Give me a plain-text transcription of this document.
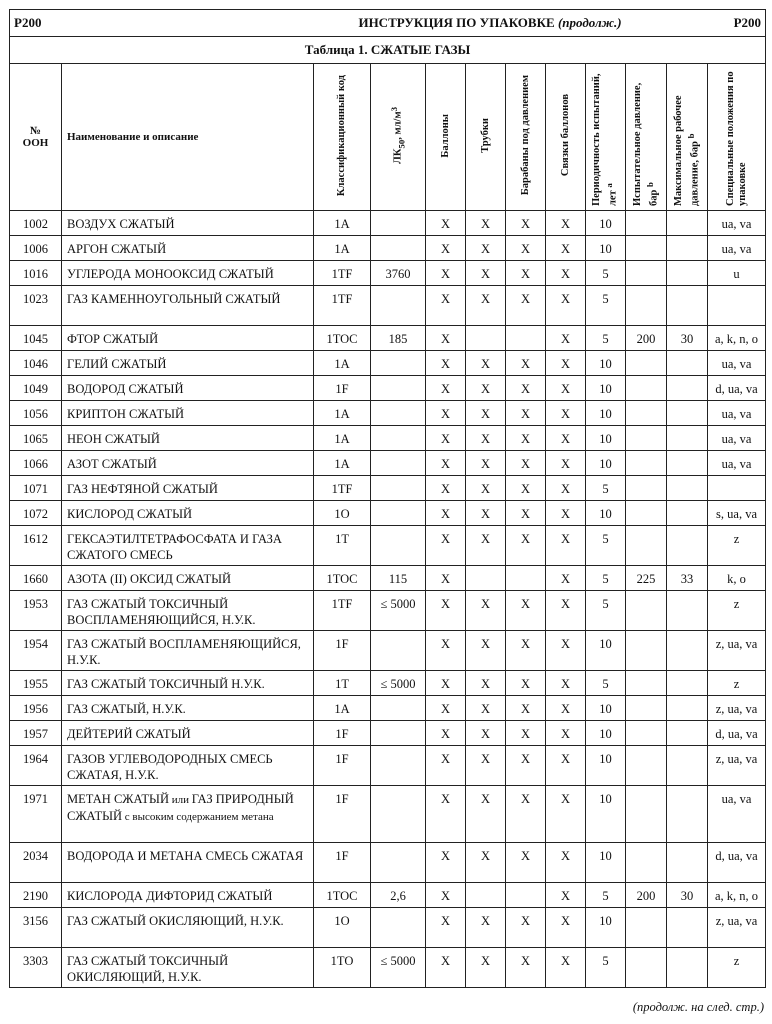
P200		ИНСТРУКЦИЯ ПО УПАКОВКЕ (продолж.)								P200	
Таблица 1. СЖАТЫЕ ГАЗЫ											
№
ООН	Наименование и описание	Классификационный код	$ЛК_{50}$, $мл/м^3$	Баллоны	Трубки	Барабаны под давлением	Связки баллонов	Периодичность испытаний, лет $^a$	Испытательное давление, бар $^b$	Максимальное рабочее давление, бар $^b$	Специальные положения по упаковке
1002	ВОЗДУХ СЖАТЫЙ	1A		X	X	X	X	10			ua, va
1006	АРГОН СЖАТЫЙ	1A		X	X	X	X	10			ua, va
1016	УГЛЕРОДА МОНООКСИД СЖАТЫЙ	1TF	3760	X	X	X	X	5			u
1023	ГАЗ КАМЕННОУГОЛЬНЫЙ СЖАТЫЙ	1TF		X	X	X	X	5			
1045	ФТОР СЖАТЫЙ	1TOC	185	X			X	5	200	30	a, k, n, o
1046	ГЕЛИЙ СЖАТЫЙ	1A		X	X	X	X	10			ua, va
1049	ВОДОРОД СЖАТЫЙ	1F		X	X	X	X	10			d, ua, va
1056	КРИПТОН СЖАТЫЙ	1A		X	X	X	X	10			ua, va
1065	НЕОН СЖАТЫЙ	1A		X	X	X	X	10			ua, va
1066	АЗОТ СЖАТЫЙ	1A		X	X	X	X	10			ua, va
1071	ГАЗ НЕФТЯНОЙ СЖАТЫЙ	1TF		X	X	X	X	5			
1072	КИСЛОРОД СЖАТЫЙ	1O		X	X	X	X	10			s, ua, va
1612	ГЕКСАЭТИЛТЕТРАФОСФАТА И ГАЗА СЖАТОГО СМЕСЬ	1T		X	X	X	X	5			z
1660	АЗОТА (II) ОКСИД СЖАТЫЙ	1TOC	115	X			X	5	225	33	k, o
1953	ГАЗ СЖАТЫЙ ТОКСИЧНЫЙ ВОСПЛАМЕНЯЮЩИЙСЯ, Н.У.К.	1TF	≤ 5000	X	X	X	X	5			z
1954	ГАЗ СЖАТЫЙ ВОСПЛАМЕНЯЮЩИЙСЯ, Н.У.К.	1F		X	X	X	X	10			z, ua, va
1955	ГАЗ СЖАТЫЙ ТОКСИЧНЫЙ Н.У.К.	1T	≤ 5000	X	X	X	X	5			z
1956	ГАЗ СЖАТЫЙ, Н.У.К.	1A		X	X	X	X	10			z, ua, va
1957	ДЕЙТЕРИЙ СЖАТЫЙ	1F		X	X	X	X	10			d, ua, va
1964	ГАЗОВ УГЛЕВОДОРОДНЫХ СМЕСЬ СЖАТАЯ, Н.У.К.	1F		X	X	X	X	10			z, ua, va
1971	МЕТАН СЖАТЫЙ или ГАЗ ПРИРОДНЫЙ СЖАТЫЙ с высоким содержанием метана	1F		X	X	X	X	10			ua, va
2034	ВОДОРОДА И МЕТАНА СМЕСЬ СЖАТАЯ	1F		X	X	X	X	10			d, ua, va
2190	КИСЛОРОДА ДИФТОРИД СЖАТЫЙ	1TOC	2,6	X			X	5	200	30	a, k, n, o
3156	ГАЗ СЖАТЫЙ ОКИСЛЯЮЩИЙ, Н.У.К.	1O		X	X	X	X	10			z, ua, va
3303	ГАЗ СЖАТЫЙ ТОКСИЧНЫЙ ОКИСЛЯЮЩИЙ, Н.У.К.	1TO	≤ 5000	X	X	X	X	5			z
(продолж. на след. стр.)
